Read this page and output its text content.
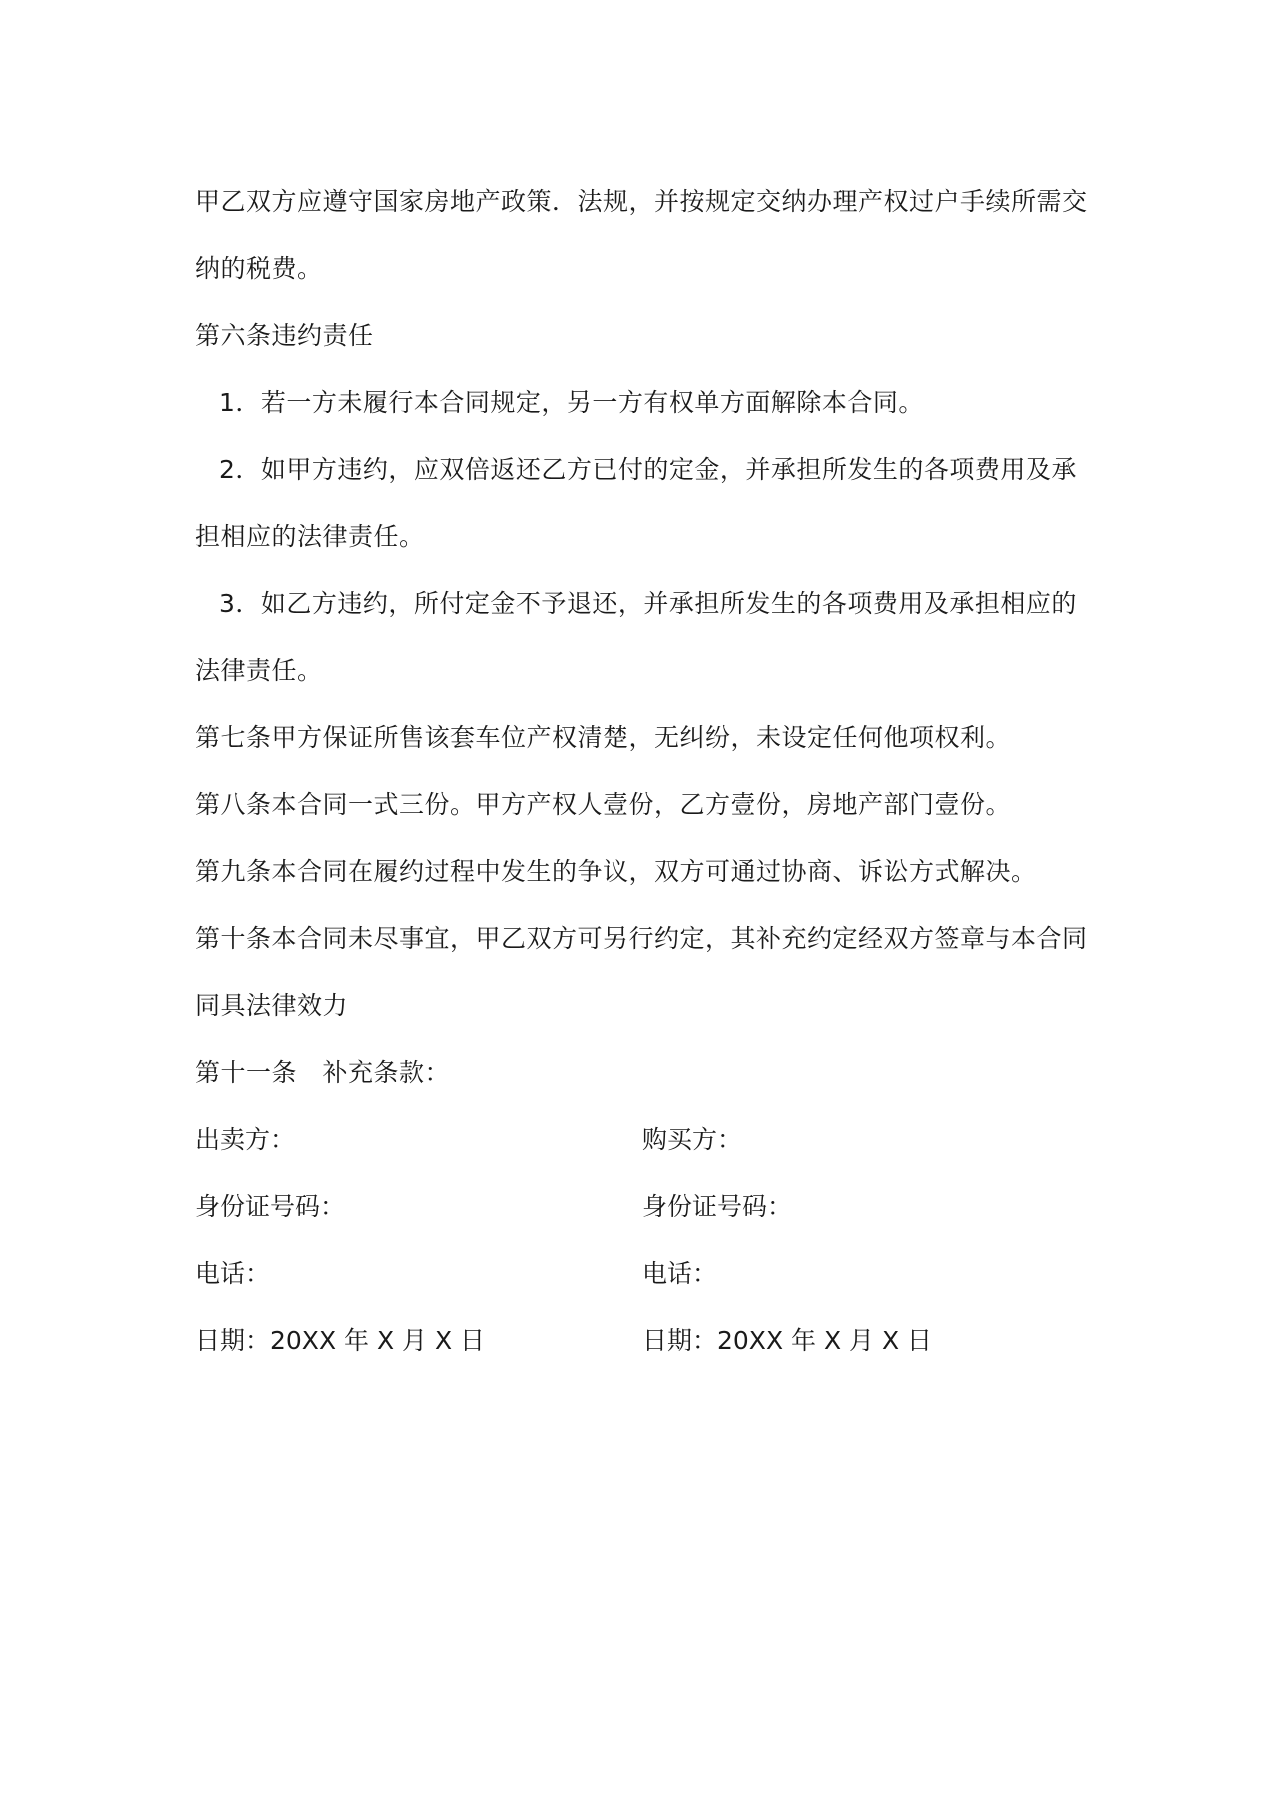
甲乙双方应遵守国家房地产政策．法规，并按规定交纳办理产权过户手续所需交
纳的税费。
第六条违约责任
1．若一方未履行本合同规定，另一方有权单方面解除本合同。
2．如甲方违约，应双倍返还乙方已付的定金，并承担所发生的各项费用及承
担相应的法律责任。
3．如乙方违约，所付定金不予退还，并承担所发生的各项费用及承担相应的
法律责任。
第七条甲方保证所售该套车位产权清楚，无纠纷，未设定任何他项权利。
第八条本合同一式三份。甲方产权人壹份，乙方壹份，房地产部门壹份。
第九条本合同在履约过程中发生的争议，双方可通过协商、诉讼方式解决。
第十条本合同未尽事宜，甲乙双方可另行约定，其补充约定经双方签章与本合同
同具法律效力
第十一条　补充条款：
出卖方：	购买方：
身份证号码：	身份证号码：
电话：	电话：
日期：20XX 年 X 月 X 日	日期：20XX 年 X 月 X 日
